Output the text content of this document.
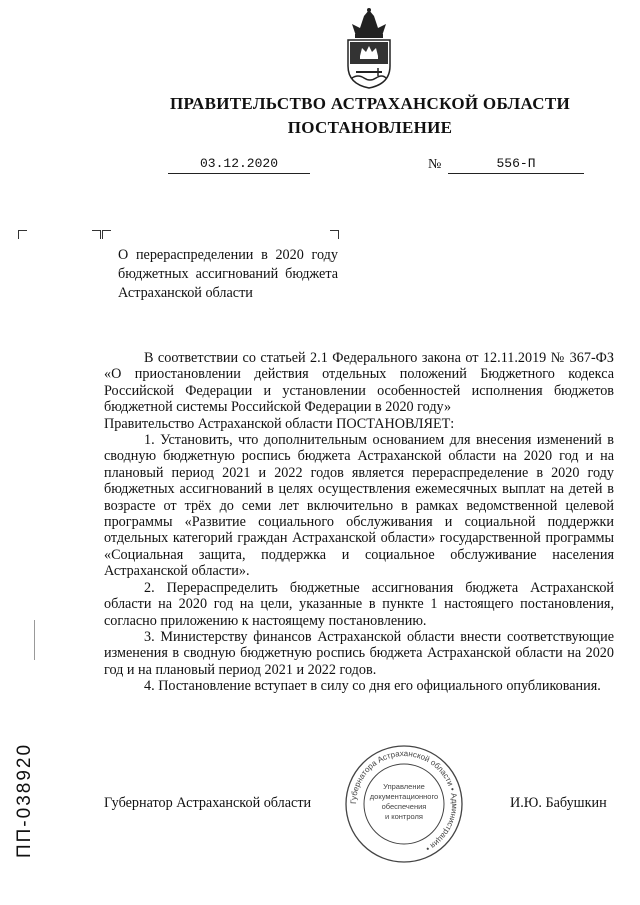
ПРАВИТЕЛЬСТВО АСТРАХАНСКОЙ ОБЛАСТИ
ПОСТАНОВЛЕНИЕ
03.12.2020	№	556-П
О перераспределении в 2020 году бюджетных ассигнований бюджета Астраханской области

В соответствии со статьей 2.1 Федерального закона от 12.11.2019 № 367-ФЗ «О приостановлении действия отдельных положений Бюджетного кодекса Российской Федерации и установлении особенностей исполнения бюджетов бюджетной системы Российской Федерации в 2020 году»

Правительство Астраханской области ПОСТАНОВЛЯЕТ:

1. Установить, что дополнительным основанием для внесения изменений в сводную бюджетную роспись бюджета Астраханской области на 2020 год и на плановый период 2021 и 2022 годов является перераспределение в 2020 году бюджетных ассигнований в целях осуществления ежемесячных выплат на детей в возрасте от трёх до семи лет включительно в рамках ведомственной целевой программы «Развитие социального обслуживания и социальной поддержки отдельных категорий граждан Астраханской области» государственной программы «Социальная защита, поддержка и социальное обслуживание населения Астраханской области».

2. Перераспределить бюджетные ассигнования бюджета Астраханской области на 2020 год на цели, указанные в пункте 1 настоящего постановления, согласно приложению к настоящему постановлению.

3. Министерству финансов Астраханской области внести соответствующие изменения в сводную бюджетную роспись бюджета Астраханской области на 2020 год и на плановый период 2021 и 2022 годов.

4. Постановление вступает в силу со дня его официального опубликования.

Губернатор Астраханской области	И.Ю. Бабушкин
Губернатора Астраханской области • Администрация •
Управление
документационного
обеспечения
и контроля
ПП-038920
